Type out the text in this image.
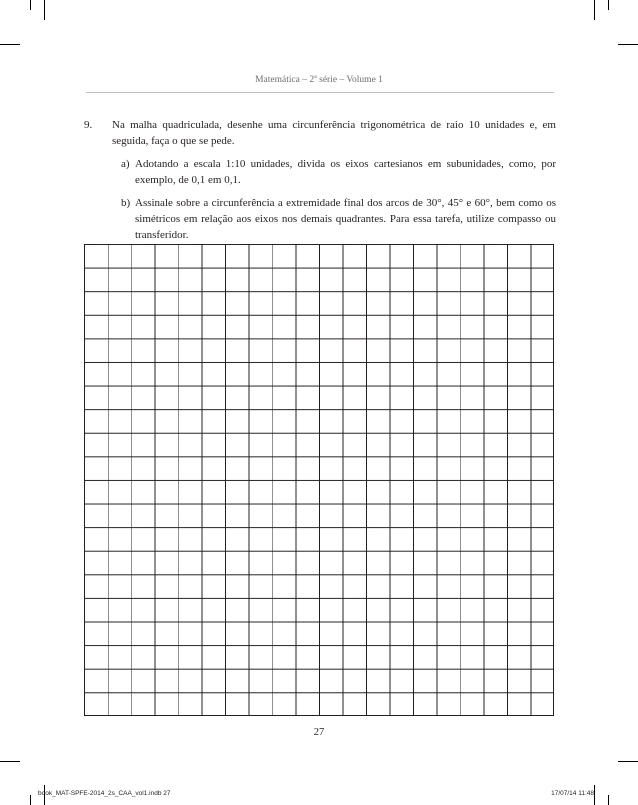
Matemática – 2ª série – Volume 1
9. Na malha quadriculada, desenhe uma circunferência trigonométrica de raio 10 unidades e, em seguida, faça o que se pede.
a) Adotando a escala 1:10 unidades, divida os eixos cartesianos em subunidades, como, por exemplo, de 0,1 em 0,1.
b) Assinale sobre a circunferência a extremidade final dos arcos de 30°, 45° e 60°, bem como os simétricos em relação aos eixos nos demais quadrantes. Para essa tarefa, utilize compasso ou transferidor.
27
book_MAT-SPFE-2014_2s_CAA_vol1.indb 27	17/07/14 11:48
